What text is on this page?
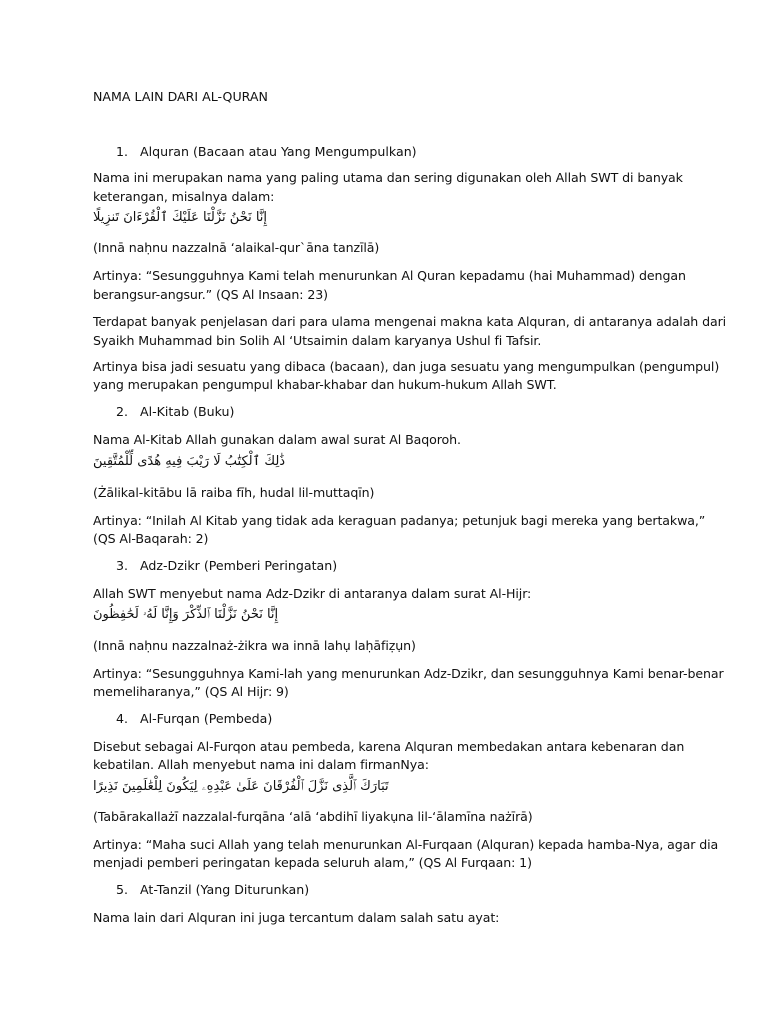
NAMA LAIN DARI AL-QURAN
1. Alquran (Bacaan atau Yang Mengumpulkan)
Nama ini merupakan nama yang paling utama dan sering digunakan oleh Allah SWT di banyak
keterangan, misalnya dalam:
إِنَّا نَحْنُ نَزَّلْنَا عَلَيْكَ ٱلْقُرْءَانَ تَنزِيلًا
(Innā naḥnu nazzalnā ‘alaikal-qur`āna tanzīlā)
Artinya: “Sesungguhnya Kami telah menurunkan Al Quran kepadamu (hai Muhammad) dengan
berangsur-angsur.” (QS Al Insaan: 23)
Terdapat banyak penjelasan dari para ulama mengenai makna kata Alquran, di antaranya adalah dari
Syaikh Muhammad bin Solih Al ‘Utsaimin dalam karyanya Ushul fi Tafsir.
Artinya bisa jadi sesuatu yang dibaca (bacaan), dan juga sesuatu yang mengumpulkan (pengumpul)
yang merupakan pengumpul khabar-khabar dan hukum-hukum Allah SWT.
2. Al-Kitab (Buku)
Nama Al-Kitab Allah gunakan dalam awal surat Al Baqoroh.
ذَٰلِكَ ٱلْكِتَٰبُ لَا رَيْبَ فِيهِ هُدًى لِّلْمُتَّقِينَ
(Żālikal-kitābu lā raiba fīh, hudal lil-muttaqīn)
Artinya: “Inilah Al Kitab yang tidak ada keraguan padanya; petunjuk bagi mereka yang bertakwa,”
(QS Al-Baqarah: 2)
3. Adz-Dzikr (Pemberi Peringatan)
Allah SWT menyebut nama Adz-Dzikr di antaranya dalam surat Al-Hijr:
إِنَّا نَحْنُ نَزَّلْنَا ٱلذِّكْرَ وَإِنَّا لَهُۥ لَحَٰفِظُونَ
(Innā naḥnu nazzalnaż-żikra wa innā lahụ laḥāfiẓụn)
Artinya: “Sesungguhnya Kami-lah yang menurunkan Adz-Dzikr, dan sesungguhnya Kami benar-benar
memeliharanya,” (QS Al Hijr: 9)
4. Al-Furqan (Pembeda)
Disebut sebagai Al-Furqon atau pembeda, karena Alquran membedakan antara kebenaran dan
kebatilan. Allah menyebut nama ini dalam firmanNya:
تَبَارَكَ ٱلَّذِى نَزَّلَ ٱلْفُرْقَانَ عَلَىٰ عَبْدِهِۦ لِيَكُونَ لِلْعَٰلَمِينَ نَذِيرًا
(Tabārakallażī nazzalal-furqāna ‘alā ‘abdihī liyakụna lil-‘ālamīna nażīrā)
Artinya: “Maha suci Allah yang telah menurunkan Al-Furqaan (Alquran) kepada hamba-Nya, agar dia
menjadi pemberi peringatan kepada seluruh alam,” (QS Al Furqaan: 1)
5. At-Tanzil (Yang Diturunkan)
Nama lain dari Alquran ini juga tercantum dalam salah satu ayat:
